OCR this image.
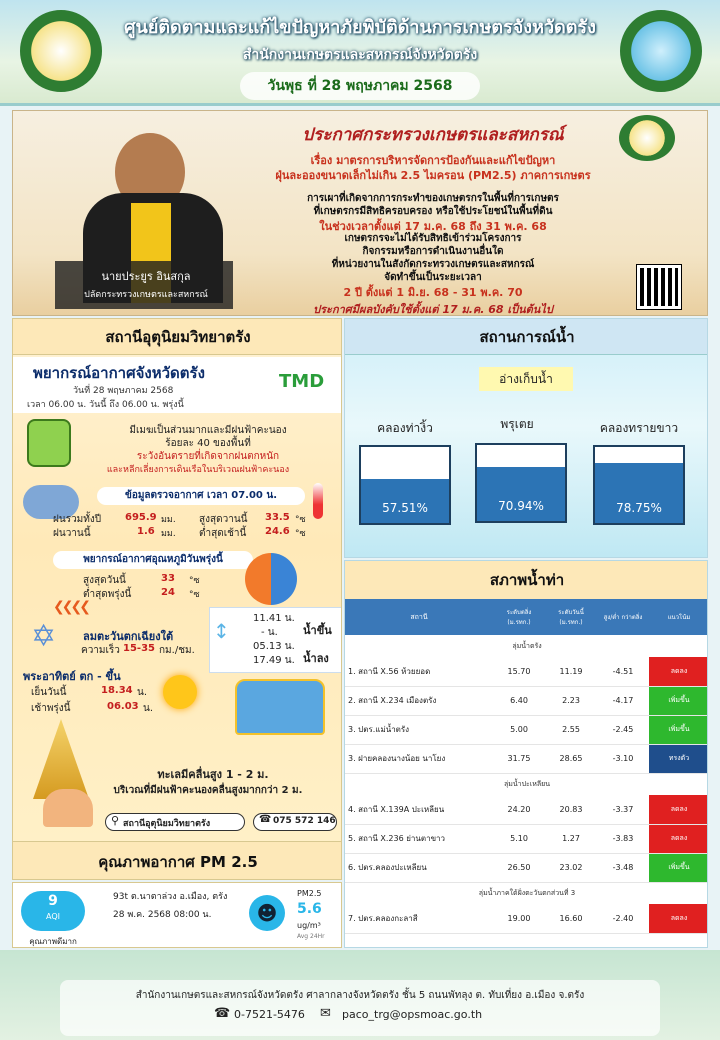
ศูนย์ติดตามและแก้ไขปัญหาภัยพิบัติด้านการเกษตรจังหวัดตรัง
สำนักงานเกษตรและสหกรณ์จังหวัดตรัง
วันพุธ ที่ 28 พฤษภาคม 2568
นายประยูร อินสกุล
ปลัดกระทรวงเกษตรและสหกรณ์
ประกาศกระทรวงเกษตรและสหกรณ์
เรื่อง มาตรการบริหารจัดการป้องกันและแก้ไขปัญหา
ฝุ่นละอองขนาดเล็กไม่เกิน 2.5 ไมครอน (PM2.5) ภาคการเกษตร
การเผาที่เกิดจากการกระทำของเกษตรกรในพื้นที่การเกษตร
ที่เกษตรกรมีสิทธิครอบครอง หรือใช้ประโยชน์ในพื้นที่ดิน
ในช่วงเวลาตั้งแต่ 17 ม.ค. 68 ถึง 31 พ.ค. 68
เกษตรกรจะไม่ได้รับสิทธิเข้าร่วมโครงการ
กิจกรรมหรือการดำเนินงานอื่นใด
ที่หน่วยงานในสังกัดกระทรวงเกษตรและสหกรณ์
จัดทำขึ้นเป็นระยะเวลา
2 ปี ตั้งแต่ 1 มิ.ย. 68 - 31 พ.ค. 70
ประกาศมีผลบังคับใช้ตั้งแต่ 17 ม.ค. 68 เป็นต้นไป
สถานีอุตุนิยมวิทยาตรัง
พยากรณ์อากาศจังหวัดตรัง
วันที่ 28 พฤษภาคม 2568
เวลา 06.00 น. วันนี้ ถึง 06.00 น. พรุ่งนี้
TMD
มีเมฆเป็นส่วนมากและมีฝนฟ้าคะนอง
ร้อยละ 40 ของพื้นที่
ระวังอันตรายที่เกิดจากฝนตกหนัก
และหลีกเลี่ยงการเดินเรือในบริเวณฝนฟ้าคะนอง
ข้อมูลตรวจอากาศ เวลา 07.00 น.
ฝนรวมทั้งปี 695.9 มม.
ฝนวานนี้	1.6 มม.
สูงสุดวานนี้ 33.5 °ซ
ต่ำสุดเช้านี้ 24.6 °ซ
พยากรณ์อากาศอุณหภูมิวันพรุ่งนี้
สูงสุดวันนี้	33 °ซ
ต่ำสุดพรุ่งนี้	24 °ซ
❮❮❮❮
✡	ลมตะวันตกเฉียงใต้
ความเร็ว 15-35 กม./ชม.
↕
11.41 น.
- น. น้ำขึ้น
05.13 น.
17.49 น. น้ำลง
พระอาทิตย์ ตก - ขึ้น
เย็นวันนี้	18.34 น.
เช้าพรุ่งนี้	06.03 น.
ทะเลมีคลื่นสูง 1 - 2 ม.
บริเวณที่มีฝนฟ้าคะนองคลื่นสูงมากกว่า 2 ม.
⚲ สถานีอุตุนิยมวิทยาตรัง	☎ 075 572 146
คุณภาพอากาศ PM 2.5
9
AQI
คุณภาพดีมาก
93t ต.นาตาล่วง อ.เมือง, ตรัง
28 พ.ค. 2568 08:00 น.	☻
PM2.5
5.6
ug/m³
Avg 24Hr
สถานการณ์น้ำ
อ่างเก็บน้ำ
คลองท่างิ้ว	พรุเตย	คลองทรายขาว
57.51%	70.94%	78.75%
สภาพน้ำท่า
สถานี	ระดับตลิ่ง (ม.รทก.)	ระดับวันนี้ (ม.รทก.)	สูง/ต่ำ กว่าตลิ่ง	แนวโน้ม
ลุ่มน้ำตรัง				
1. สถานี X.56 ห้วยยอด	15.70	11.19	-4.51	ลดลง
2. สถานี X.234 เมืองตรัง	6.40	2.23	-4.17	เพิ่มขึ้น
3. ปตร.แม่น้ำตรัง	5.00	2.55	-2.45	เพิ่มขึ้น
3. ฝายคลองนางน้อย นาโยง	31.75	28.65	-3.10	ทรงตัว
ลุ่มน้ำปะเหลียน				
4. สถานี X.139A ปะเหลียน	24.20	20.83	-3.37	ลดลง
5. สถานี X.236 ย่านตาขาว	5.10	1.27	-3.83	ลดลง
6. ปตร.คลองปะเหลียน	26.50	23.02	-3.48	เพิ่มขึ้น
ลุ่มน้ำภาคใต้ฝั่งตะวันตกส่วนที่ 3				
7. ปตร.คลองกะลาสี	19.00	16.60	-2.40	ลดลง
สำนักงานเกษตรและสหกรณ์จังหวัดตรัง ศาลากลางจังหวัดตรัง ชั้น 5 ถนนพัทลุง ต. ทับเที่ยง อ.เมือง จ.ตรัง
☎ 0-7521-5476 ✉ paco_trg@opsmoac.go.th
